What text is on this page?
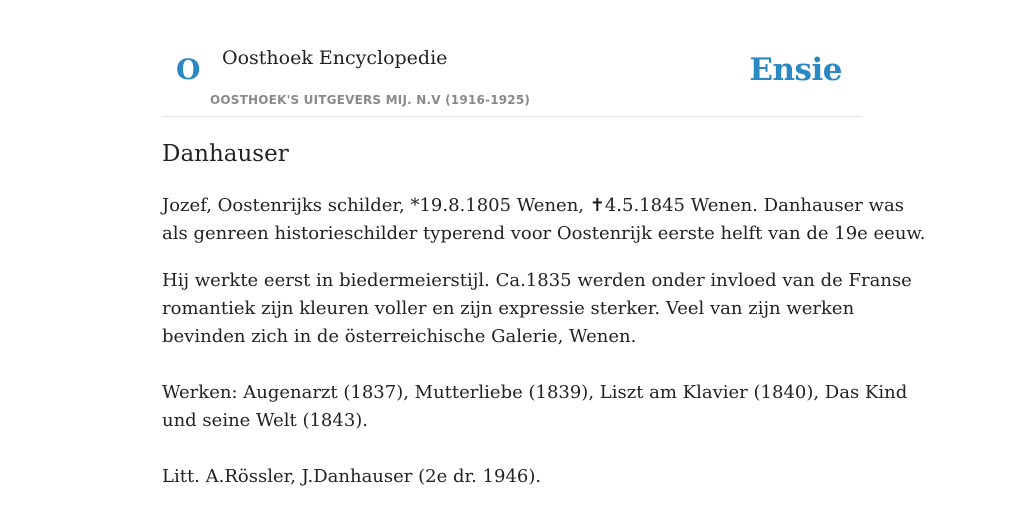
O Oosthoek Encyclopedie
OOSTHOEK'S UITGEVERS MIJ. N.V (1916-1925)
Ensie
Danhauser

Jozef, Oostenrijks schilder, *19.8.1805 Wenen, ✝4.5.1845 Wenen. Danhauser was
als genreen historieschilder typerend voor Oostenrijk eerste helft van de 19e eeuw.

Hij werkte eerst in biedermeierstijl. Ca.1835 werden onder invloed van de Franse
romantiek zijn kleuren voller en zijn expressie sterker. Veel van zijn werken
bevinden zich in de österreichische Galerie, Wenen.

Werken: Augenarzt (1837), Mutterliebe (1839), Liszt am Klavier (1840), Das Kind
und seine Welt (1843).

Litt. A.Rössler, J.Danhauser (2e dr. 1946).
